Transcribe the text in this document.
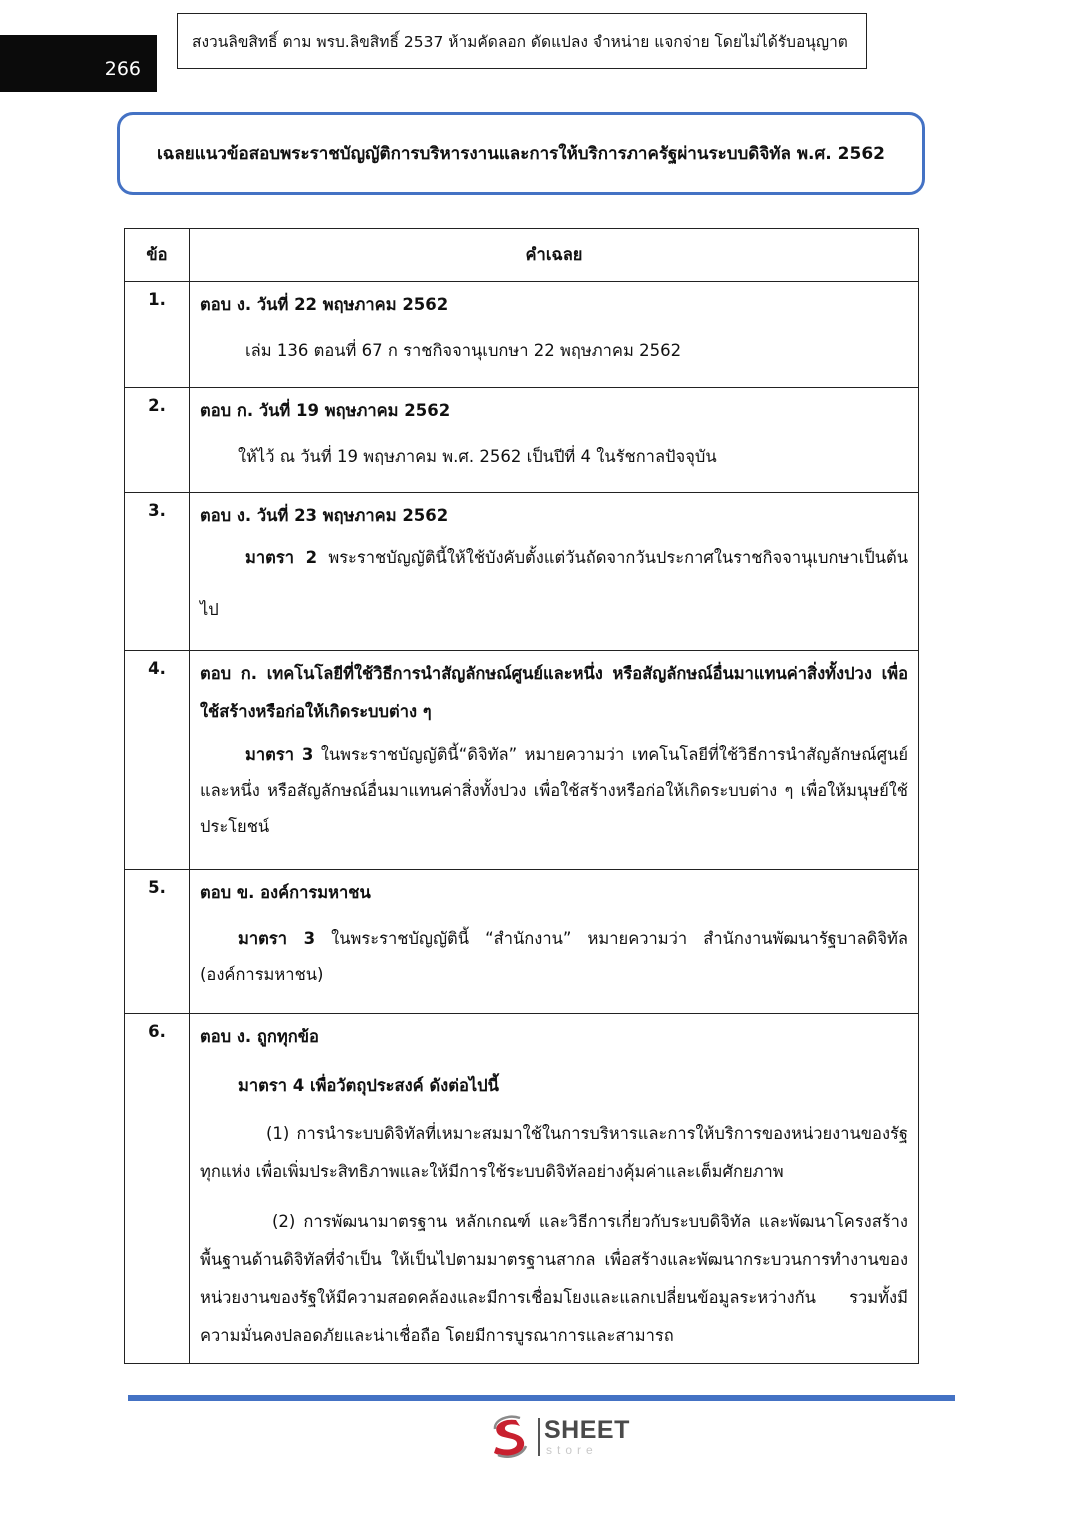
266
สงวนลิขสิทธิ์ ตาม พรบ.ลิขสิทธิ์ 2537 ห้ามคัดลอก ดัดแปลง จำหน่าย แจกจ่าย โดยไม่ได้รับอนุญาต
เฉลยแนวข้อสอบพระราชบัญญัติการบริหารงานและการให้บริการภาครัฐผ่านระบบดิจิทัล พ.ศ. 2562
ข้อ	คำเฉลย
1.	ตอบ ง. วันที่ 22 พฤษภาคม 2562
เล่ม 136 ตอนที่ 67 ก ราชกิจจานุเบกษา 22 พฤษภาคม 2562

2.	ตอบ ก. วันที่ 19 พฤษภาคม 2562
ให้ไว้ ณ วันที่ 19 พฤษภาคม พ.ศ. 2562 เป็นปีที่ 4 ในรัชกาลปัจจุบัน

3.	ตอบ ง. วันที่ 23 พฤษภาคม 2562
มาตรา 2 พระราชบัญญัตินี้ให้ใช้บังคับตั้งแต่วันถัดจากวันประกาศในราชกิจจานุเบกษาเป็นต้นไป

4.	ตอบ ก. เทคโนโลยีที่ใช้วิธีการนำสัญลักษณ์ศูนย์และหนึ่ง หรือสัญลักษณ์อื่นมาแทนค่าสิ่งทั้งปวง เพื่อใช้สร้างหรือก่อให้เกิดระบบต่าง ๆ
มาตรา 3 ในพระราชบัญญัตินี้“ดิจิทัล” หมายความว่า เทคโนโลยีที่ใช้วิธีการนำสัญลักษณ์ศูนย์และหนึ่ง หรือสัญลักษณ์อื่นมาแทนค่าสิ่งทั้งปวง เพื่อใช้สร้างหรือก่อให้เกิดระบบต่าง ๆ เพื่อให้มนุษย์ใช้ประโยชน์

5.	ตอบ ข. องค์การมหาชน
มาตรา 3 ในพระราชบัญญัตินี้ “สำนักงาน” หมายความว่า สำนักงานพัฒนารัฐบาลดิจิทัล (องค์การมหาชน)

6.	ตอบ ง. ถูกทุกข้อ
มาตรา 4 เพื่อวัตถุประสงค์ ดังต่อไปนี้
(1) การนำระบบดิจิทัลที่เหมาะสมมาใช้ในการบริหารและการให้บริการของหน่วยงานของรัฐทุกแห่ง เพื่อเพิ่มประสิทธิภาพและให้มีการใช้ระบบดิจิทัลอย่างคุ้มค่าและเต็มศักยภาพ
(2) การพัฒนามาตรฐาน หลักเกณฑ์ และวิธีการเกี่ยวกับระบบดิจิทัล และพัฒนาโครงสร้างพื้นฐานด้านดิจิทัลที่จำเป็น ให้เป็นไปตามมาตรฐานสากล เพื่อสร้างและพัฒนากระบวนการทำงานของหน่วยงานของรัฐให้มีความสอดคล้องและมีการเชื่อมโยงและแลกเปลี่ยนข้อมูลระหว่างกัน รวมทั้งมีความมั่นคงปลอดภัยและน่าเชื่อถือ โดยมีการบูรณาการและสามารถ
SHEET
store
